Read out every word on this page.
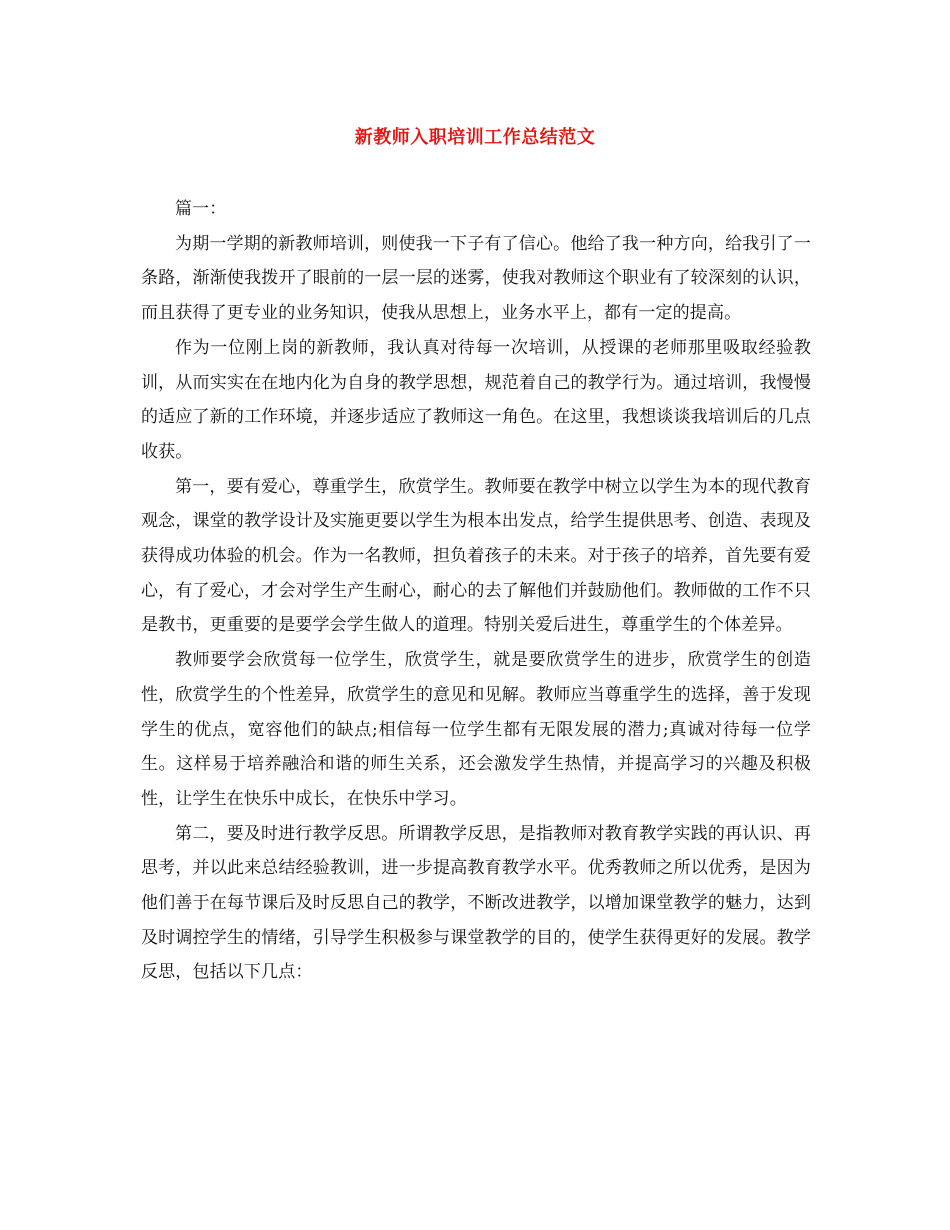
新教师入职培训工作总结范文

篇一：

为期一学期的新教师培训，则使我一下子有了信心。他给了我一种方向，给我引了一条路，渐渐使我拨开了眼前的一层一层的迷雾，使我对教师这个职业有了较深刻的认识，而且获得了更专业的业务知识，使我从思想上，业务水平上，都有一定的提高。

作为一位刚上岗的新教师，我认真对待每一次培训，从授课的老师那里吸取经验教训，从而实实在在地内化为自身的教学思想，规范着自己的教学行为。通过培训，我慢慢的适应了新的工作环境，并逐步适应了教师这一角色。在这里，我想谈谈我培训后的几点收获。

第一，要有爱心，尊重学生，欣赏学生。教师要在教学中树立以学生为本的现代教育观念，课堂的教学设计及实施更要以学生为根本出发点，给学生提供思考、创造、表现及获得成功体验的机会。作为一名教师，担负着孩子的未来。对于孩子的培养，首先要有爱心，有了爱心，才会对学生产生耐心，耐心的去了解他们并鼓励他们。教师做的工作不只是教书，更重要的是要学会学生做人的道理。特别关爱后进生，尊重学生的个体差异。

教师要学会欣赏每一位学生，欣赏学生，就是要欣赏学生的进步，欣赏学生的创造性，欣赏学生的个性差异，欣赏学生的意见和见解。教师应当尊重学生的选择，善于发现学生的优点，宽容他们的缺点;相信每一位学生都有无限发展的潜力;真诚对待每一位学生。这样易于培养融洽和谐的师生关系，还会激发学生热情，并提高学习的兴趣及积极性，让学生在快乐中成长，在快乐中学习。

第二，要及时进行教学反思。所谓教学反思，是指教师对教育教学实践的再认识、再思考，并以此来总结经验教训，进一步提高教育教学水平。优秀教师之所以优秀，是因为他们善于在每节课后及时反思自己的教学，不断改进教学，以增加课堂教学的魅力，达到及时调控学生的情绪，引导学生积极参与课堂教学的目的，使学生获得更好的发展。教学反思，包括以下几点：
